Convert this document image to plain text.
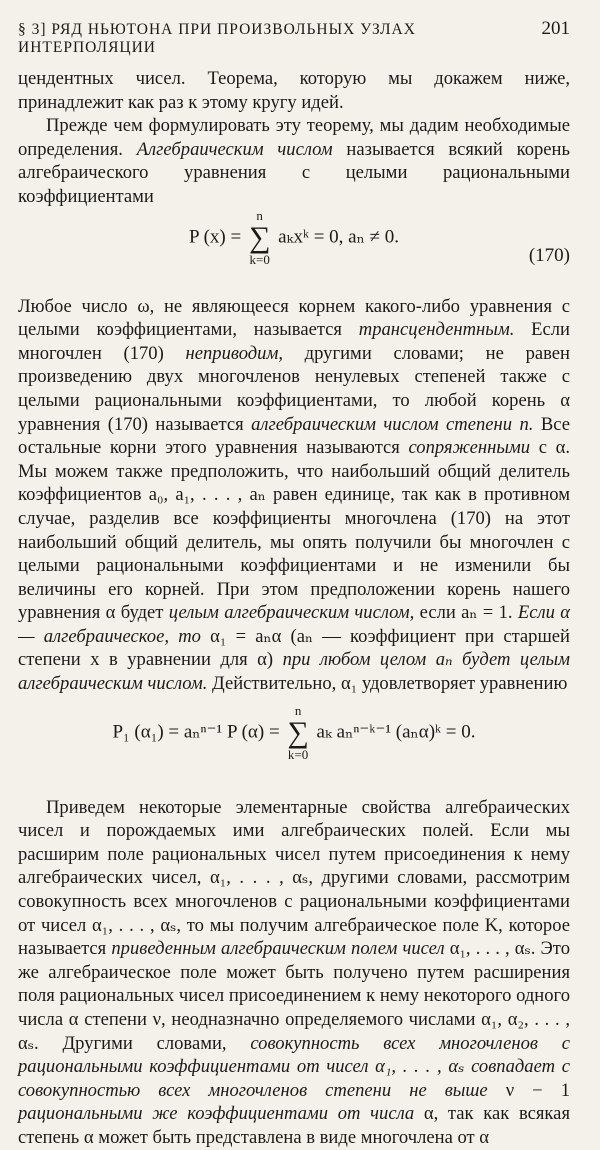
§ 3] РЯД НЬЮТОНА ПРИ ПРОИЗВОЛЬНЫХ УЗЛАХ ИНТЕРПОЛЯЦИИ
201

цендентных чисел. Теорема, которую мы докажем ниже, принадлежит как раз к этому кругу идей.

Прежде чем формулировать эту теорему, мы дадим необходимые определения. Алгебраическим числом называется всякий корень алгебраического уравнения с целыми рациональными коэффициентами

P (x) = n
∑
k=0 aₖxᵏ = 0, aₙ ≠ 0.
(170)

Любое число ω, не являющееся корнем какого-либо уравнения с целыми коэффициентами, называется трансцендентным. Если многочлен (170) неприводим, другими словами; не равен произведению двух многочленов ненулевых степеней также с целыми рациональными коэффициентами, то любой корень α уравнения (170) называется алгебраическим числом степени n. Все остальные корни этого уравнения называются сопряженными с α. Мы можем также предположить, что наибольший общий делитель коэффициентов a₀, a₁, . . . , aₙ равен единице, так как в противном случае, разделив все коэффициенты многочлена (170) на этот наибольший общий делитель, мы опять получили бы многочлен с целыми рациональными коэффициентами и не изменили бы величины его корней. При этом предположении корень нашего уравнения α будет целым алгебраическим числом, если aₙ = 1. Если α — алгебраическое, то α₁ = aₙα (aₙ — коэффициент при старшей степени x в уравнении для α) при любом целом aₙ будет целым алгебраическим числом. Действительно, α₁ удовлетворяет уравнению

P₁ (α₁) = aₙⁿ⁻¹ P (α) = n
∑
k=0 aₖ aₙⁿ⁻ᵏ⁻¹ (aₙα)ᵏ = 0.

Приведем некоторые элементарные свойства алгебраических чисел и порождаемых ими алгебраических полей. Если мы расширим поле рациональных чисел путем присоединения к нему алгебраических чисел, α₁, . . . , αₛ, другими словами, рассмотрим совокупность всех многочленов с рациональными коэффициентами от чисел α₁, . . . , αₛ, то мы получим алгебраическое поле K, которое называется приведенным алгебраическим полем чисел α₁, . . . , αₛ. Это же алгебраическое поле может быть получено путем расширения поля рациональных чисел присоединением к нему некоторого одного числа α степени ν, неодназначно определяемого числами α₁, α₂, . . . , αₛ. Другими словами, совокупность всех многочленов с рациональными коэффициентами от чисел α₁, . . . , αₛ совпадает с совокупностью всех многочленов степени не выше ν − 1 рациональными же коэффициентами от числа α, так как всякая степень α может быть представлена в виде многочлена от α
